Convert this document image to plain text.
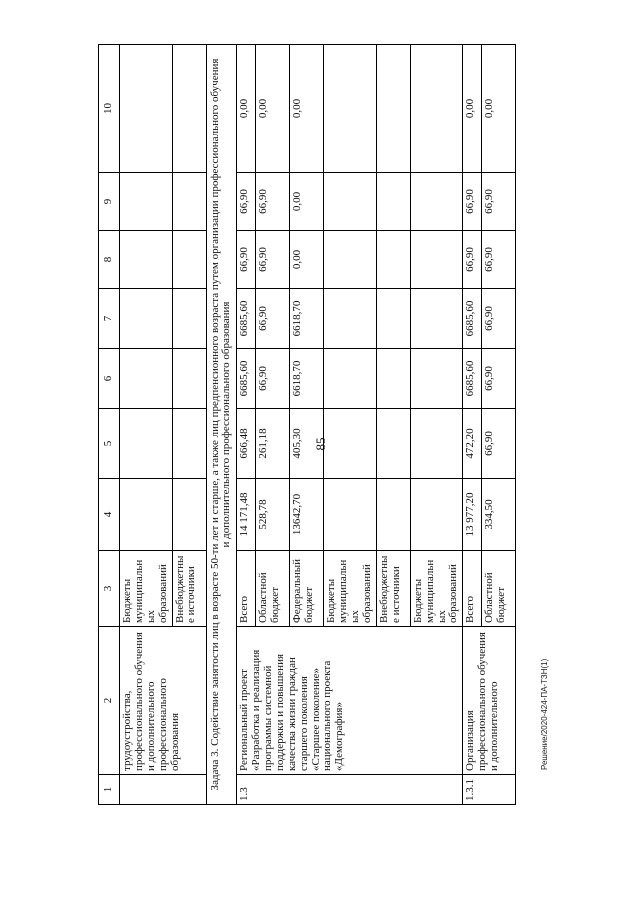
85
Решение/2020-424-ПА-ТЗН(1)
1	2	3	4	5	6	7	8	9	10
	трудоустройства, профессионального обучения и дополнительного профессионального образования	Бюджеты муниципальных образований							
		Внебюджетные источники							
Задача 3. Содействие занятости лиц в возрасте 50-ти лет и старше, а также лиц предпенсионного возраста путем организации профессионального обучения и дополнительного профессионального образования									
1.3	Региональный проект «Разработка и реализация программы системной поддержки и повышения качества жизни граждан старшего поколения «Старшее поколение» национального проекта «Демография»	Всего	14 171,48	666,48	6685,60	6685,60	66,90	66,90	0,00
		Областной бюджет	528,78	261,18	66,90	66,90	66,90	66,90	0,00
		Федеральный бюджет	13642,70	405,30	6618,70	6618,70	0,00	0,00	0,00
		Бюджеты муниципальных образований							
		Внебюджетные источники							
		Бюджеты муниципальных образований							
1.3.1	Организация профессионального обучения и дополнительного	Всего	13 977,20	472,20	6685,60	6685,60	66,90	66,90	0,00
		Областной бюджет	334,50	66,90	66,90	66,90	66,90	66,90	0,00
